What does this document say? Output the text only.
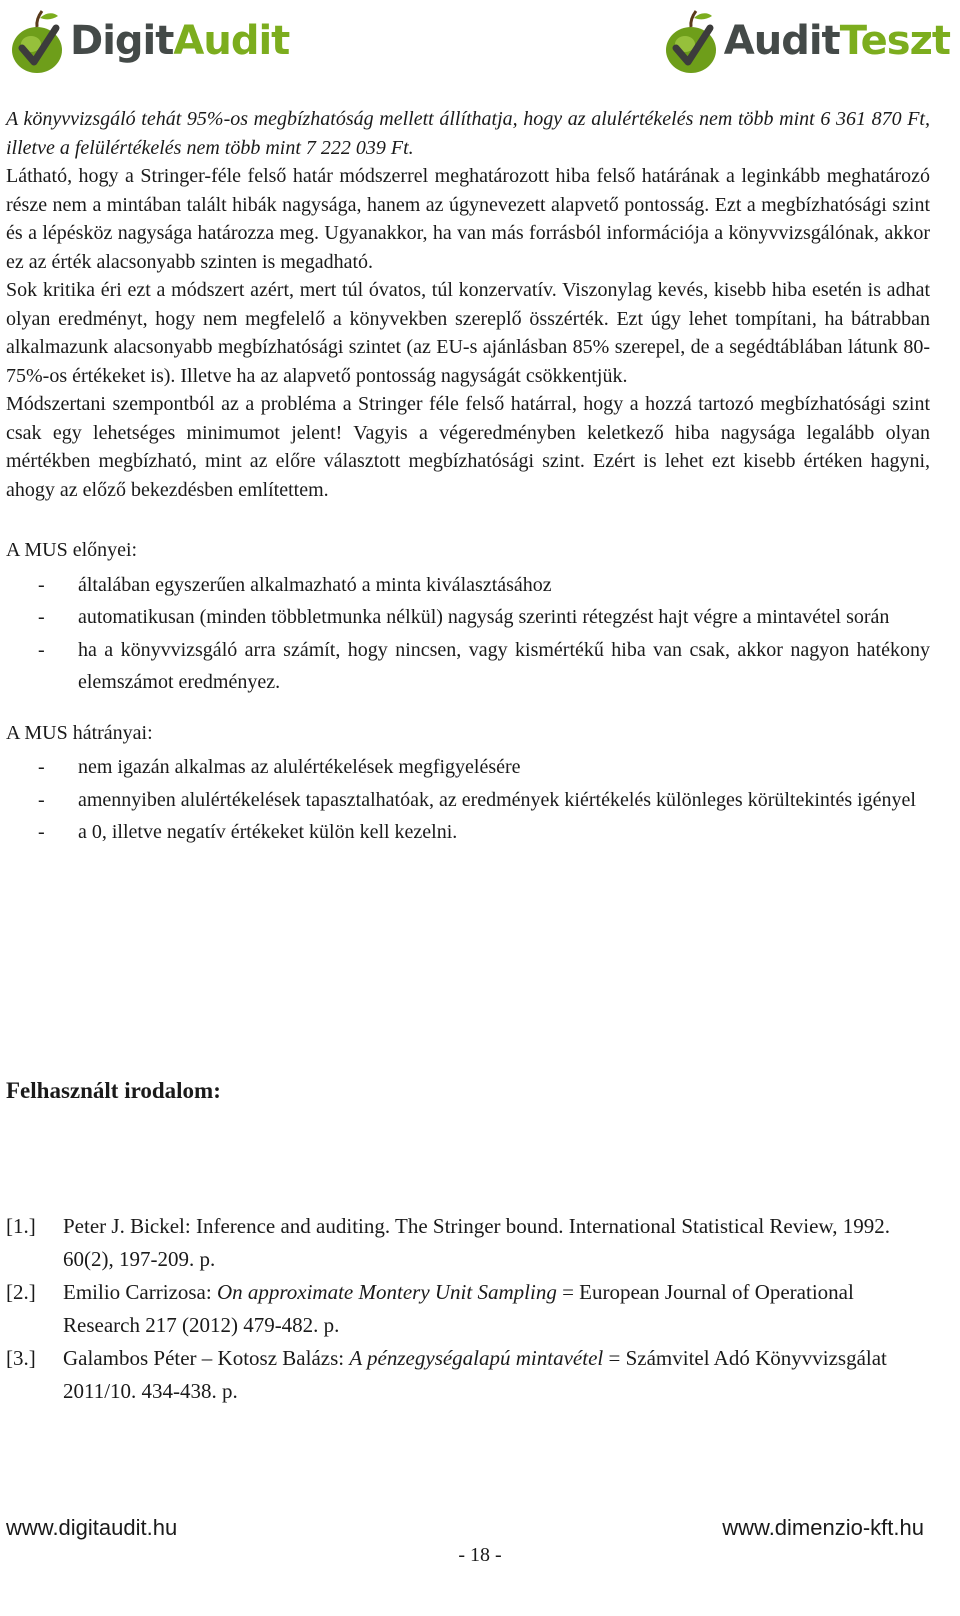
DigitAudit	AuditTeszt

A könyvvizsgáló tehát 95%-os megbízhatóság mellett állíthatja, hogy az alulértékelés nem több mint 6 361 870 Ft, illetve a felülértékelés nem több mint 7 222 039 Ft.

Látható, hogy a Stringer-féle felső határ módszerrel meghatározott hiba felső határának a leginkább meghatározó része nem a mintában talált hibák nagysága, hanem az úgynevezett alapvető pontosság. Ezt a megbízhatósági szint és a lépésköz nagysága határozza meg. Ugyanakkor, ha van más forrásból információja a könyvvizsgálónak, akkor ez az érték alacsonyabb szinten is megadható.

Sok kritika éri ezt a módszert azért, mert túl óvatos, túl konzervatív. Viszonylag kevés, kisebb hiba esetén is adhat olyan eredményt, hogy nem megfelelő a könyvekben szereplő összérték. Ezt úgy lehet tompítani, ha bátrabban alkalmazunk alacsonyabb megbízhatósági szintet (az EU-s ajánlásban 85% szerepel, de a segédtáblában látunk 80-75%-os értékeket is). Illetve ha az alapvető pontosság nagyságát csökkentjük.

Módszertani szempontból az a probléma a Stringer féle felső határral, hogy a hozzá tartozó megbízhatósági szint csak egy lehetséges minimumot jelent! Vagyis a végeredményben keletkező hiba nagysága legalább olyan mértékben megbízható, mint az előre választott megbízhatósági szint. Ezért is lehet ezt kisebb értéken hagyni, ahogy az előző bekezdésben említettem.

A MUS előnyei:

- általában egyszerűen alkalmazható a minta kiválasztásához
- automatikusan (minden többletmunka nélkül) nagyság szerinti rétegzést hajt végre a mintavétel során
- ha a könyvvizsgáló arra számít, hogy nincsen, vagy kismértékű hiba van csak, akkor nagyon hatékony elemszámot eredményez.

A MUS hátrányai:

- nem igazán alkalmas az alulértékelések megfigyelésére
- amennyiben alulértékelések tapasztalhatóak, az eredmények kiértékelés különleges körültekintés igényel
- a 0, illetve negatív értékeket külön kell kezelni.
Felhasznált irodalom:
[1.] Peter J. Bickel: Inference and auditing. The Stringer bound. International Statistical Review, 1992. 60(2), 197-209. p.
[2.] Emilio Carrizosa: On approximate Montery Unit Sampling = European Journal of Operational Research 217 (2012) 479-482. p.
[3.] Galambos Péter – Kotosz Balázs: A pénzegységalapú mintavétel = Számvitel Adó Könyvvizsgálat 2011/10. 434-438. p.
www.digitaudit.hu	www.dimenzio-kft.hu
- 18 -
